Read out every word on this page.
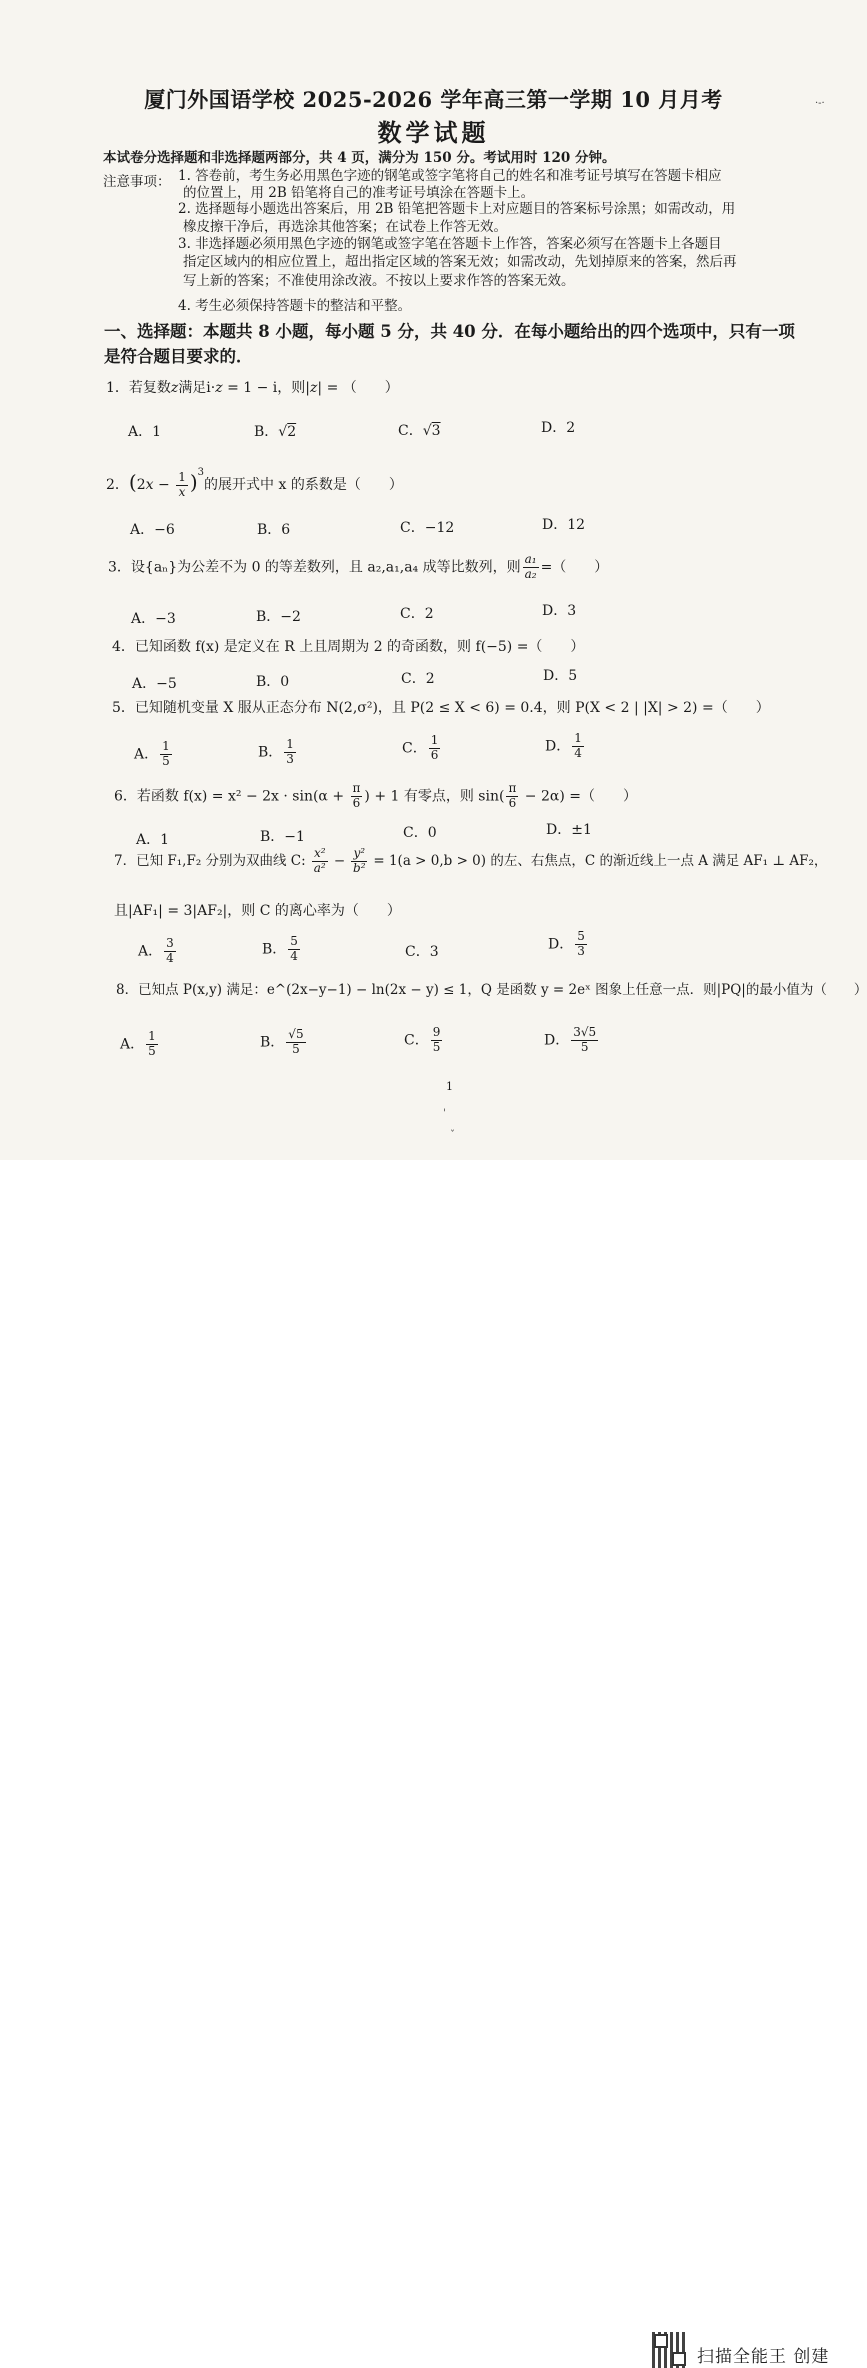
厦门外国语学校 2025-2026 学年高三第一学期 10 月月考
数学试题
本试卷分选择题和非选择题两部分，共 4 页，满分为 150 分。考试用时 120 分钟。
注意事项： 1. 答卷前，考生务必用黑色字迹的钢笔或签字笔将自己的姓名和准考证号填写在答题卡相应
的位置上，用 2B 铅笔将自己的准考证号填涂在答题卡上。
2. 选择题每小题选出答案后，用 2B 铅笔把答题卡上对应题目的答案标号涂黑；如需改动，用
橡皮擦干净后，再选涂其他答案；在试卷上作答无效。
3. 非选择题必须用黑色字迹的钢笔或签字笔在答题卡上作答，答案必须写在答题卡上各题目
指定区域内的相应位置上，超出指定区域的答案无效；如需改动，先划掉原来的答案，然后再
写上新的答案；不准使用涂改液。不按以上要求作答的答案无效。
4. 考生必须保持答题卡的整洁和平整。
一、选择题：本题共 8 小题，每小题 5 分，共 40 分．在每小题给出的四个选项中，只有一项
是符合题目要求的．
1．若复数z满足i·z = 1 − i，则|z| = （　　）
A．1	B．√2	C．√3	D．2
2．$(2x - \frac{1}{x} )^3$的展开式中 x 的系数是（　　）
A．−6	B．6	C．−12	D．12
3．设{aₙ}为公差不为 0 的等差数列，且 a₂,a₁,a₄ 成等比数列，则 $\frac{\text{a₁}}{\text{a₂}}$ =（　　）
A．−3	B．−2	C．2	D．3
4．已知函数 f(x) 是定义在 R 上且周期为 2 的奇函数，则 f(−5) =（　　）
A．−5	B．0	C．2	D．5
5．已知随机变量 X 服从正态分布 N(2,σ²)，且 P(2 ≤ X < 6) = 0.4，则 P(X < 2 | |X| > 2) =（　　）
A． $\frac{1}{5}$	B． $\frac{1}{3}$	C． $\frac{1}{6}$	D． $\frac{1}{4}$
6．若函数 $f(x) = x^2 - 2x \cdot \sin(\alpha + \frac{\pi}{6}$ ) + 1 有零点，则 $\sin( \frac{\pi}{6} - 2\alpha)$ =（　　）
A．1	B．−1	C．0	D．±1
7．已知 F₁,F₂ 分别为双曲线 C: $\frac{\text{x²}}{\text{a²}} - \frac{\text{y²}}{\text{b²}} = 1(a > 0,b > 0)$ 的左、右焦点，C 的渐近线上一点 A 满足 AF₁ ⊥ AF₂，
且|AF₁| = 3|AF₂|，则 C 的离心率为（　　）
A． $\frac{3}{4}$	B． $\frac{5}{4}$	C．3	D． $\frac{5}{3}$
8．已知点 P(x,y) 满足：e^(2x−y−1) − ln(2x − y) ≤ 1，Q 是函数 y = 2eˣ 图象上任意一点．则|PQ|的最小值为（　　）
A． $\frac{1}{5}$	B． $\frac{√5}{5}$	C． $\frac{9}{5}$	D． $\frac{3√5}{5}$
1
·-·
'
ˇ
扫描全能王 创建
